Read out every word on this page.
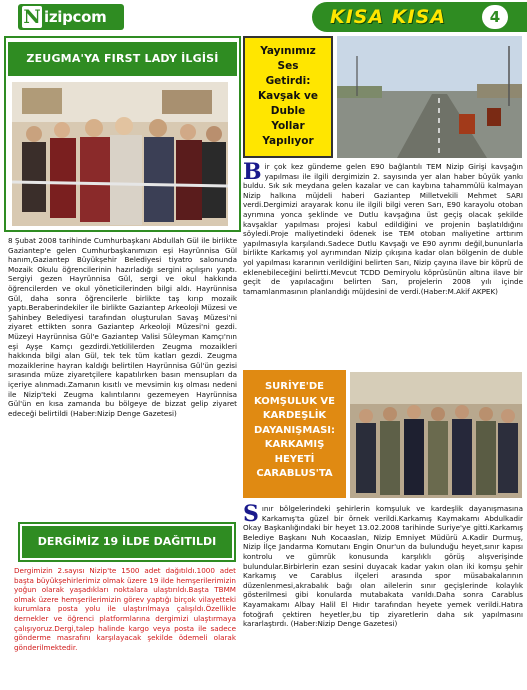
N izipcom	KISA KISA	4
ZEUGMA'YA FIRST LADY İLGİSİ
8 Şubat 2008 tarihinde Cumhurbaşkanı Abdullah Gül ile birlikte Gaziantep'e gelen Cumhurbaşkanımızın eşi Hayrünnisa Gül hanım,Gaziantep Büyükşehir Belediyesi tiyatro salonunda Mozaik Okulu öğrencilerinin hazırladığı sergini açılışını yaptı. Sergiyi gezen Hayrünnisa Gül, sergi ve okul hakkında öğrencilerden ve okul yöneticilerinden bilgi aldı. Hayrünnisa Gül, daha sonra öğrencilerle birlikte taş kırıp mozaik yaptı.Beraberindekiler ile birlikte Gaziantep Arkeoloji Müzesi ve Şahinbey Belediyesi tarafından oluşturulan Savaş Müzesi'ni ziyaret ettikten sonra Gaziantep Arkeoloji Müzesi'ni gezdi. Müzeyi Hayrünnisa Gül'e Gaziantep Valisi Süleyman Kamçı'nın eşi Ayşe Kamçı gezdirdi.Yetkililerden Zeugma mozaikleri hakkında bilgi alan Gül, tek tek tüm katları gezdi. Zeugma mozaiklerine hayran kaldığı belirtilen Hayrünnisa Gül'ün gezisi sırasında müze ziyaretçilere kapatılırken basın mensupları da içeriye alınmadı.Zamanın kısıtlı ve mevsimin kış olması nedeni ile Nizip'teki Zeugma kalıntılarını gezemeyen Hayrünnisa Gül'ün en kısa zamanda bu bölgeye de bizzat gelip ziyaret edeceği belirtildi (Haber:Nizip Denge Gazetesi)
DERGİMİZ 19 İLDE DAĞITILDI
Dergimizin 2.sayısı Nizip'te 1500 adet dağıtıldı.1000 adet başta büyükşehirlerimiz olmak üzere 19 ilde hemşerilerimizin yoğun olarak yaşadıkları noktalara ulaştırıldı.Başta TBMM olmak üzere hemşerilerimizin görev yaptığı birçok vilayetteki kurumlara posta yolu ile ulaştırılmaya çalışıldı.Özellikle dernekler ve öğrenci platformlarına dergimizi ulaştırmaya çalışıyoruz.Dergi,talep halinde kargo veya posta ile sadece gönderme masrafını karşılayacak şekilde ödemeli olarak gönderilmektedir.
Yayınımız
Ses
Getirdi:
Kavşak ve
Duble
Yollar
Yapılıyor
B ir çok kez gündeme gelen E90 bağlantılı TEM Nizip Girişi kavşağın yapılması ile ilgili dergimizin 2. sayısında yer alan haber büyük yankı buldu. Sık sık meydana gelen kazalar ve can kaybına tahammülü kalmayan Nizip halkına müjdeli haberi Gaziantep Milletvekili Mehmet SARI verdi.Dergimizi arayarak konu ile ilgili bilgi veren Sarı, E90 karayolu otoban ayrımına yonca şeklinde ve Dutlu kavşağına üst geçiş olacak şekilde kavşaklar yapılması projesi kabul edildiğini ve projenin başlatıldığını söyledi.Proje maliyetindeki ödenek ise TEM otoban maliyetine arttırım yapılmasıyla karşılandı.Sadece Dutlu Kavşağı ve E90 ayrımı değil,bununlarla birlikte Karkamış yol ayrımından Nizip çıkışına kadar olan bölgenin de duble yol yapılması kararının verildiğini belirten Sarı, Nizip çayına ilave bir köprü de eklenebileceğini belirtti.Mevcut TCDD Demiryolu köprüsünün altına ilave bir geçit de yapılacağını belirten Sarı, projelerin 2008 yılı içinde tamamlanmasının planlandığı müjdesini de verdi.(Haber:M.Akif AKPEK)
SURİYE'DE
KOMŞULUK VE
KARDEŞLİK
DAYANIŞMASI:
KARKAMIŞ
HEYETİ
CARABLUS'TA
S ınır bölgelerindeki şehirlerin komşuluk ve kardeşlik dayanışmasına Karkamış'ta güzel bir örnek verildi.Karkamış Kaymakamı Abdulkadir Okay Başkanlığındaki bir heyet 13.02.2008 tarihinde Suriye'ye gitti.Karkamış Belediye Başkanı Nuh Kocaaslan, Nizip Emniyet Müdürü A.Kadir Durmuş, Nizip İlçe Jandarma Komutanı Engin Onur'un da bulunduğu heyet,sınır kapısı kontrolu ve gümrük konusunda karşılıklı görüş alışverişinde bulundular.Birbirlerin ezan sesini duyacak kadar yakın olan iki komşu şehir Karkamış ve Carablus ilçeleri arasında spor müsabakalarının düzenlenmesi,akrabalık bağı olan ailelerin sınır geçişlerinde kolaylık gösterilmesi gibi konularda mutabakata varıldı.Daha sonra Carablus Kayamakamı Albay Halil El Hıdır tarafından heyete yemek verildi.Hatıra fotoğrafı çektiren heyetler,bu tip ziyaretlerin daha sık yapılmasını kararlaştırdı. (Haber:Nizip Denge Gazetesi)
